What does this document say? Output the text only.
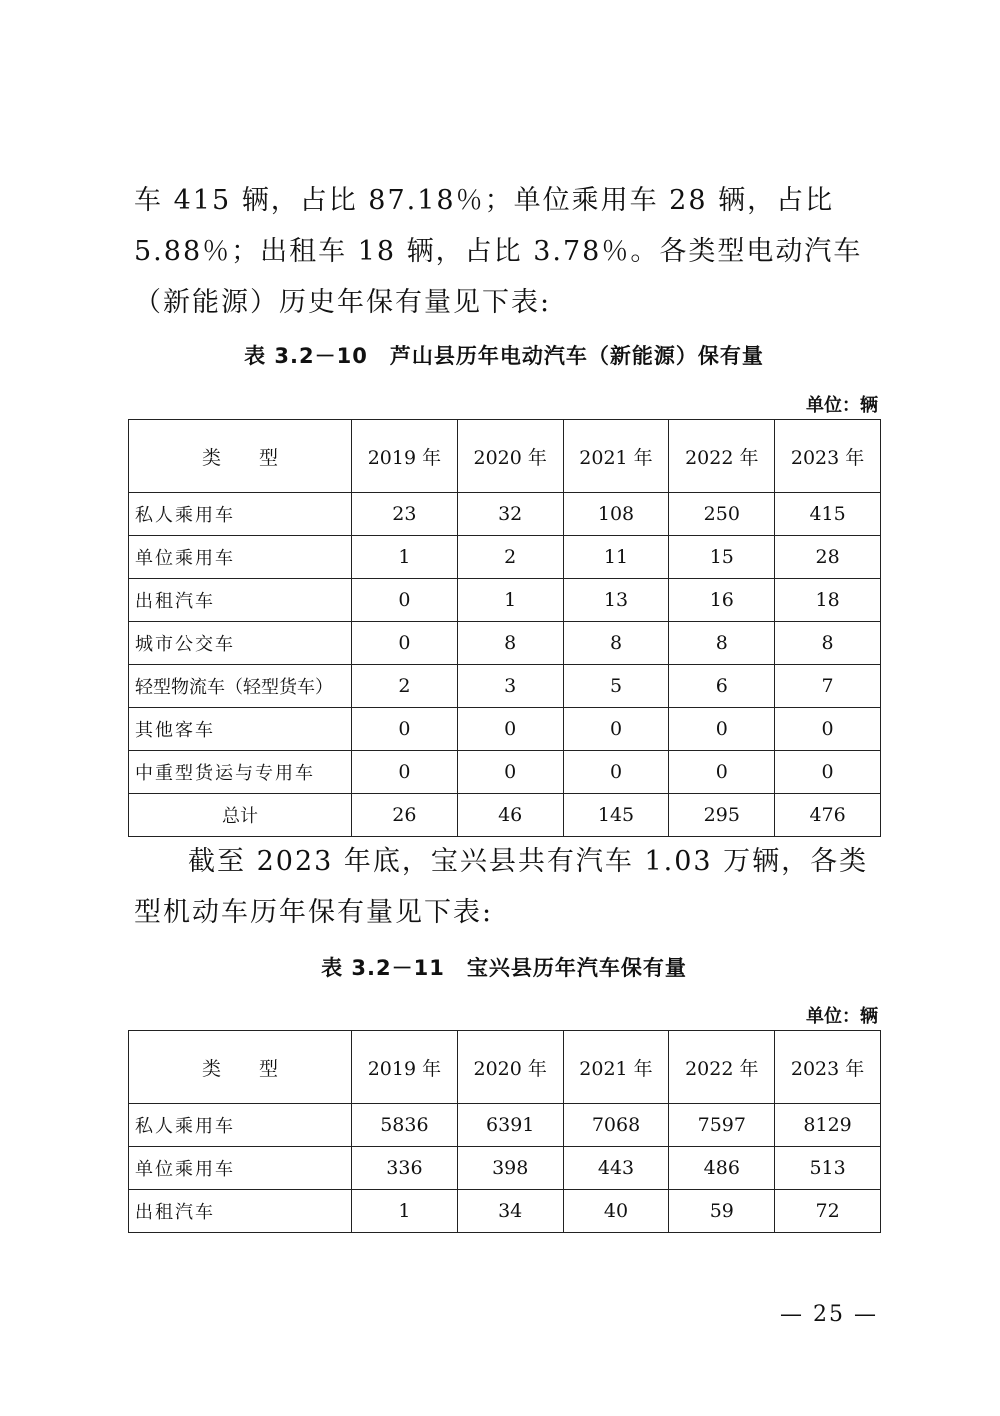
车 415 辆，占比 87.18％；单位乘用车 28 辆，占比 5.88％；出租车 18 辆，占比 3.78％。各类型电动汽车（新能源）历史年保有量见下表:

表 3.2－10　芦山县历年电动汽车（新能源）保有量
单位：辆
类　　型	2019 年	2020 年	2021 年	2022 年	2023 年
私人乘用车	23	32	108	250	415
单位乘用车	1	2	11	15	28
出租汽车	0	1	13	16	18
城市公交车	0	8	8	8	8
轻型物流车（轻型货车）	2	3	5	6	7
其他客车	0	0	0	0	0
中重型货运与专用车	0	0	0	0	0
总计	26	46	145	295	476

截至 2023 年底，宝兴县共有汽车 1.03 万辆，各类型机动车历年保有量见下表:

表 3.2－11　宝兴县历年汽车保有量
单位：辆
类　　型	2019 年	2020 年	2021 年	2022 年	2023 年
私人乘用车	5836	6391	7068	7597	8129
单位乘用车	336	398	443	486	513
出租汽车	1	34	40	59	72
— 25 —
